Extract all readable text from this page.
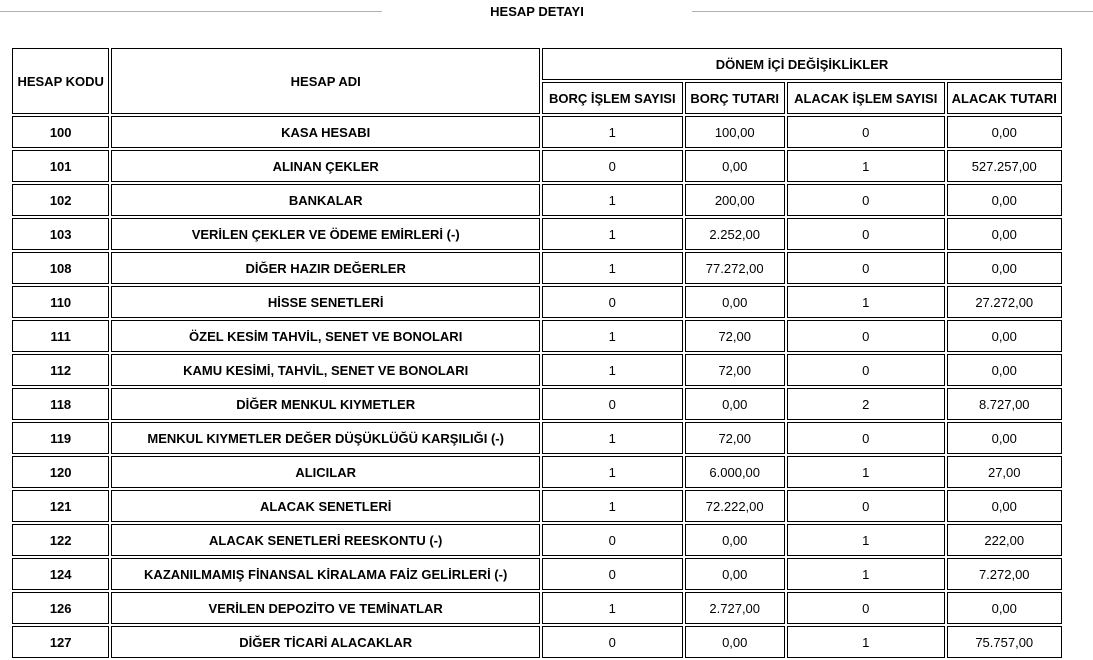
HESAP DETAYI
HESAP KODU	HESAP ADI	DÖNEM İÇİ DEĞİŞİKLİKLER			
		BORÇ İŞLEM SAYISI	BORÇ TUTARI	ALACAK İŞLEM SAYISI	ALACAK TUTARI
100	KASA HESABI	1	100,00	0	0,00
101	ALINAN ÇEKLER	0	0,00	1	527.257,00
102	BANKALAR	1	200,00	0	0,00
103	VERİLEN ÇEKLER VE ÖDEME EMİRLERİ (-)	1	2.252,00	0	0,00
108	DİĞER HAZIR DEĞERLER	1	77.272,00	0	0,00
110	HİSSE SENETLERİ	0	0,00	1	27.272,00
111	ÖZEL KESİM TAHVİL, SENET VE BONOLARI	1	72,00	0	0,00
112	KAMU KESİMİ, TAHVİL, SENET VE BONOLARI	1	72,00	0	0,00
118	DİĞER MENKUL KIYMETLER	0	0,00	2	8.727,00
119	MENKUL KIYMETLER DEĞER DÜŞÜKLÜĞÜ KARŞILIĞI (-)	1	72,00	0	0,00
120	ALICILAR	1	6.000,00	1	27,00
121	ALACAK SENETLERİ	1	72.222,00	0	0,00
122	ALACAK SENETLERİ REESKONTU (-)	0	0,00	1	222,00
124	KAZANILMAMIŞ FİNANSAL KİRALAMA FAİZ GELİRLERİ (-)	0	0,00	1	7.272,00
126	VERİLEN DEPOZİTO VE TEMİNATLAR	1	2.727,00	0	0,00
127	DİĞER TİCARİ ALACAKLAR	0	0,00	1	75.757,00
